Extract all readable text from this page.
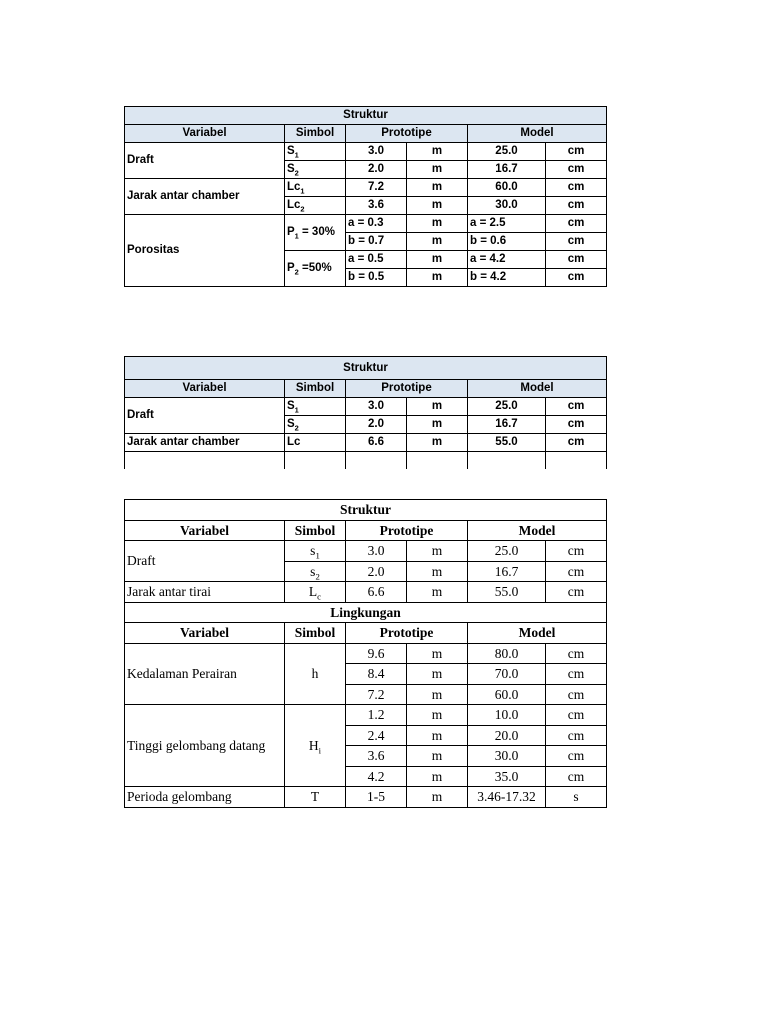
Struktur					
Variabel	Simbol	Prototipe		Model	
Draft	$S_1$	3.0	m	25.0	cm
	$S_2$	2.0	m	16.7	cm
Jarak antar chamber	$Lc_1$	7.2	m	60.0	cm
	$Lc_2$	3.6	m	30.0	cm
Porositas	$P_1 = 30\%$	a = 0.3	m	a = 2.5	cm
		b = 0.7	m	b = 0.6	cm
	$P_2 =50\%$	a = 0.5	m	a = 4.2	cm
		b = 0.5	m	b = 4.2	cm
Struktur					
Variabel	Simbol	Prototipe		Model	
Draft	$S_1$	3.0	m	25.0	cm
	$S_2$	2.0	m	16.7	cm
Jarak antar chamber	Lc	6.6	m	55.0	cm

Struktur					
Variabel	Simbol	Prototipe		Model	
Draft	$s_1$	3.0	m	25.0	cm
	$s_2$	2.0	m	16.7	cm
Jarak antar tirai	$L_c$	6.6	m	55.0	cm
Lingkungan					
Variabel	Simbol	Prototipe		Model	
Kedalaman Perairan	h	9.6	m	80.0	cm
		8.4	m	70.0	cm
		7.2	m	60.0	cm
Tinggi gelombang datang	$H_i$	1.2	m	10.0	cm
		2.4	m	20.0	cm
		3.6	m	30.0	cm
		4.2	m	35.0	cm
Perioda gelombang	T	1-5	m	3.46-17.32	s
